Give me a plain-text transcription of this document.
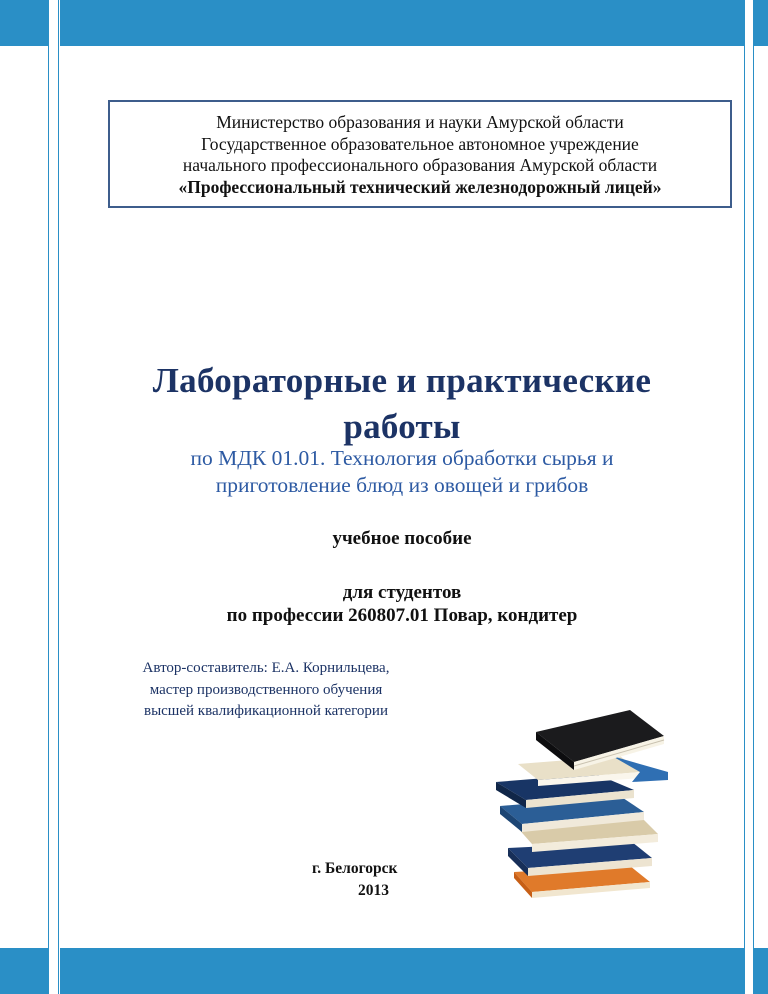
Министерство образования и науки Амурской области
Государственное образовательное автономное учреждение
начального профессионального образования Амурской области
«Профессиональный технический железнодорожный лицей»
Лабораторные и практические
работы
по МДК 01.01. Технология обработки сырья и
приготовление блюд из овощей и грибов
учебное пособие
для студентов
по профессии 260807.01 Повар, кондитер
Автор-составитель: Е.А. Корнильцева,
мастер производственного обучения
высшей квалификационной категории
г. Белогорск
2013
